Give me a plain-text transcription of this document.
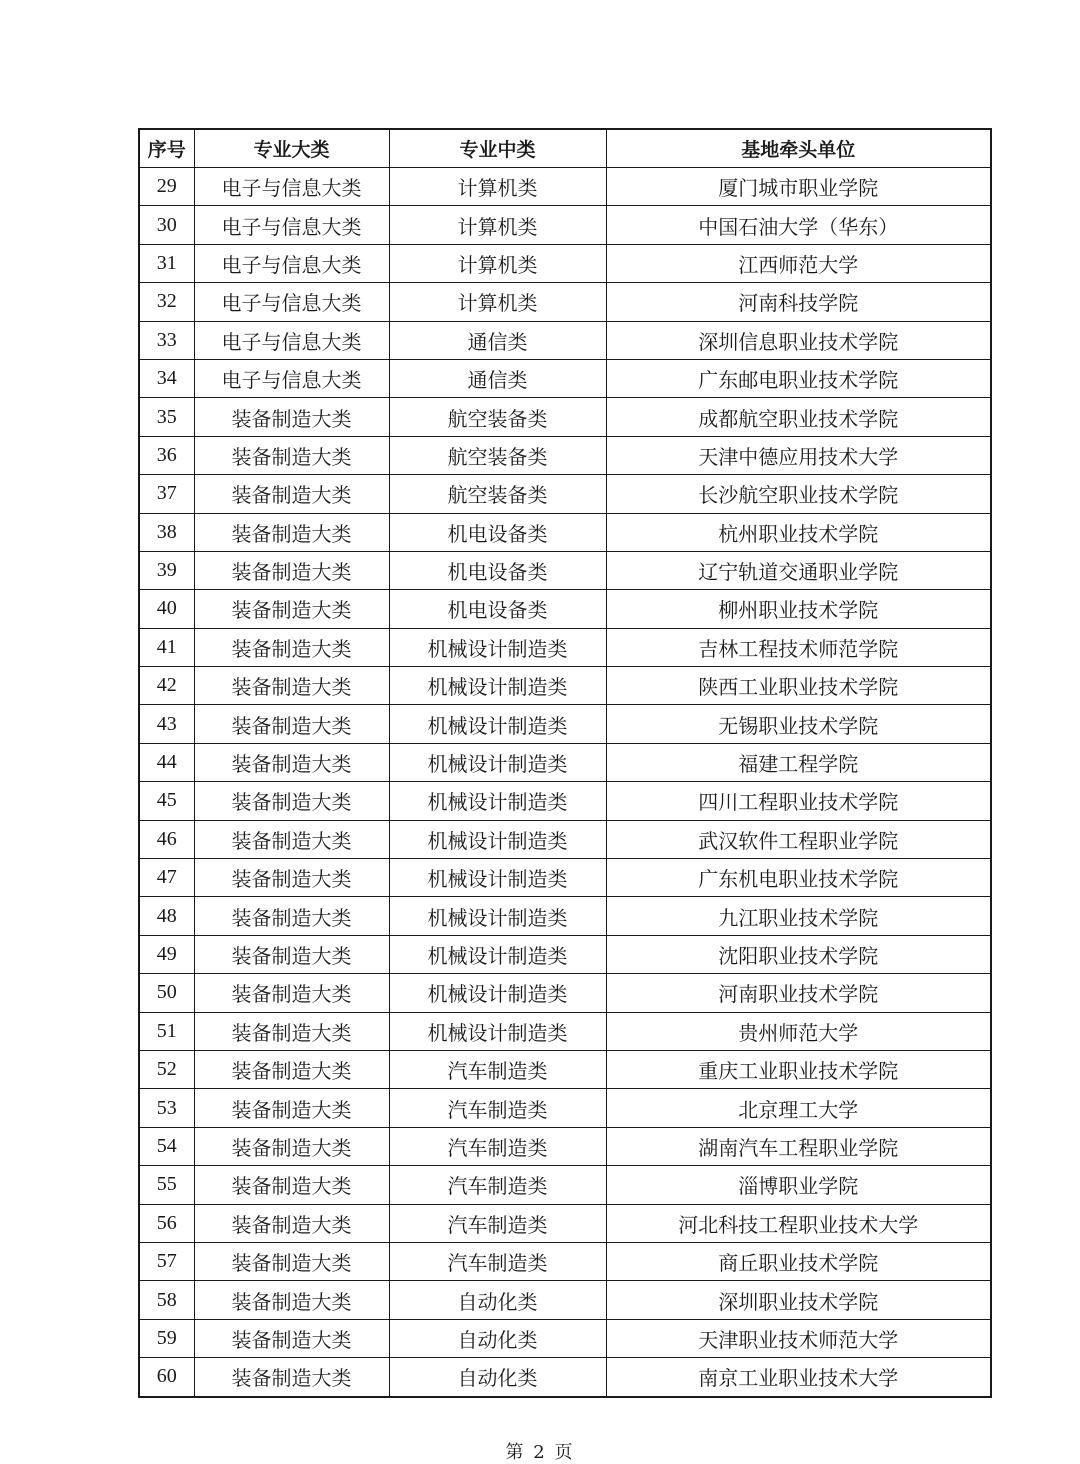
序号	专业大类	专业中类	基地牵头单位
29	电子与信息大类	计算机类	厦门城市职业学院
30	电子与信息大类	计算机类	中国石油大学（华东）
31	电子与信息大类	计算机类	江西师范大学
32	电子与信息大类	计算机类	河南科技学院
33	电子与信息大类	通信类	深圳信息职业技术学院
34	电子与信息大类	通信类	广东邮电职业技术学院
35	装备制造大类	航空装备类	成都航空职业技术学院
36	装备制造大类	航空装备类	天津中德应用技术大学
37	装备制造大类	航空装备类	长沙航空职业技术学院
38	装备制造大类	机电设备类	杭州职业技术学院
39	装备制造大类	机电设备类	辽宁轨道交通职业学院
40	装备制造大类	机电设备类	柳州职业技术学院
41	装备制造大类	机械设计制造类	吉林工程技术师范学院
42	装备制造大类	机械设计制造类	陕西工业职业技术学院
43	装备制造大类	机械设计制造类	无锡职业技术学院
44	装备制造大类	机械设计制造类	福建工程学院
45	装备制造大类	机械设计制造类	四川工程职业技术学院
46	装备制造大类	机械设计制造类	武汉软件工程职业学院
47	装备制造大类	机械设计制造类	广东机电职业技术学院
48	装备制造大类	机械设计制造类	九江职业技术学院
49	装备制造大类	机械设计制造类	沈阳职业技术学院
50	装备制造大类	机械设计制造类	河南职业技术学院
51	装备制造大类	机械设计制造类	贵州师范大学
52	装备制造大类	汽车制造类	重庆工业职业技术学院
53	装备制造大类	汽车制造类	北京理工大学
54	装备制造大类	汽车制造类	湖南汽车工程职业学院
55	装备制造大类	汽车制造类	淄博职业学院
56	装备制造大类	汽车制造类	河北科技工程职业技术大学
57	装备制造大类	汽车制造类	商丘职业技术学院
58	装备制造大类	自动化类	深圳职业技术学院
59	装备制造大类	自动化类	天津职业技术师范大学
60	装备制造大类	自动化类	南京工业职业技术大学
第 2 页
